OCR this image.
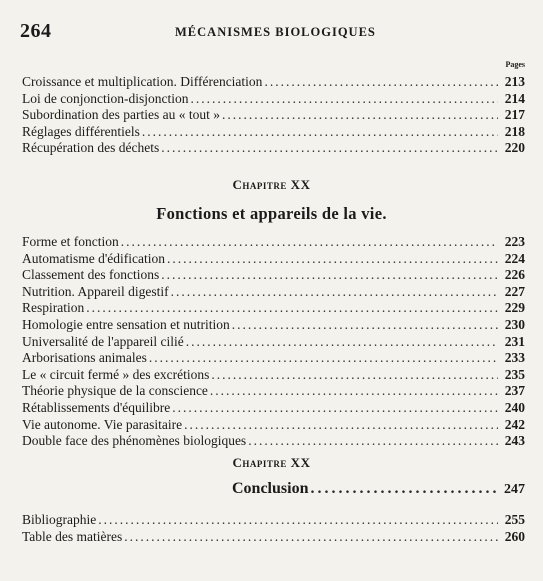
264	MÉCANISMES BIOLOGIQUES
Pages
Croissance et multiplication. Différenciation .....	213
Loi de conjonction-disjonction .....	214
Subordination des parties au « tout » .....	217
Réglages différentiels .....	218
Récupération des déchets .....	220
Chapitre XX
Fonctions et appareils de la vie.
Forme et fonction .....	223
Automatisme d'édification .....	224
Classement des fonctions .....	226
Nutrition. Appareil digestif .....	227
Respiration .....	229
Homologie entre sensation et nutrition .....	230
Universalité de l'appareil cilié .....	231
Arborisations animales .....	233
Le « circuit fermé » des excrétions .....	235
Théorie physique de la conscience .....	237
Rétablissements d'équilibre .....	240
Vie autonome. Vie parasitaire .....	242
Double face des phénomènes biologiques .....	243
Chapitre XX
Conclusion .....	247
Bibliographie .....	255
Table des matières .....	260
